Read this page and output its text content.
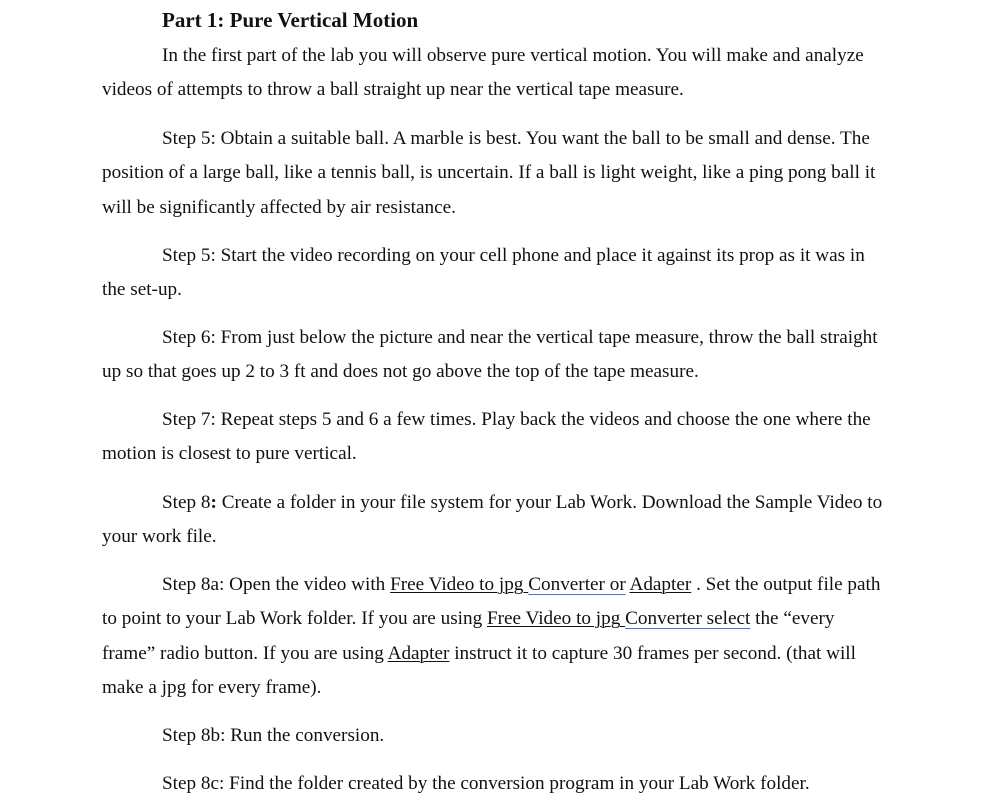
Part 1: Pure Vertical Motion

In the first part of the lab you will observe pure vertical motion. You will make and analyze videos of attempts to throw a ball straight up near the vertical tape measure.

Step 5: Obtain a suitable ball. A marble is best. You want the ball to be small and dense. The position of a large ball, like a tennis ball, is uncertain. If a ball is light weight, like a ping pong ball it will be significantly affected by air resistance.

Step 5: Start the video recording on your cell phone and place it against its prop as it was in the set-up.

Step 6: From just below the picture and near the vertical tape measure, throw the ball straight up so that goes up 2 to 3 ft and does not go above the top of the tape measure.

Step 7: Repeat steps 5 and 6 a few times. Play back the videos and choose the one where the motion is closest to pure vertical.

Step 8: Create a folder in your file system for your Lab Work. Download the Sample Video to your work file.

Step 8a: Open the video with Free Video to jpg Converter or Adapter . Set the output file path to point to your Lab Work folder. If you are using Free Video to jpg Converter select the “every frame” radio button. If you are using Adapter instruct it to capture 30 frames per second. (that will make a jpg for every frame).

Step 8b: Run the conversion.

Step 8c: Find the folder created by the conversion program in your Lab Work folder.
